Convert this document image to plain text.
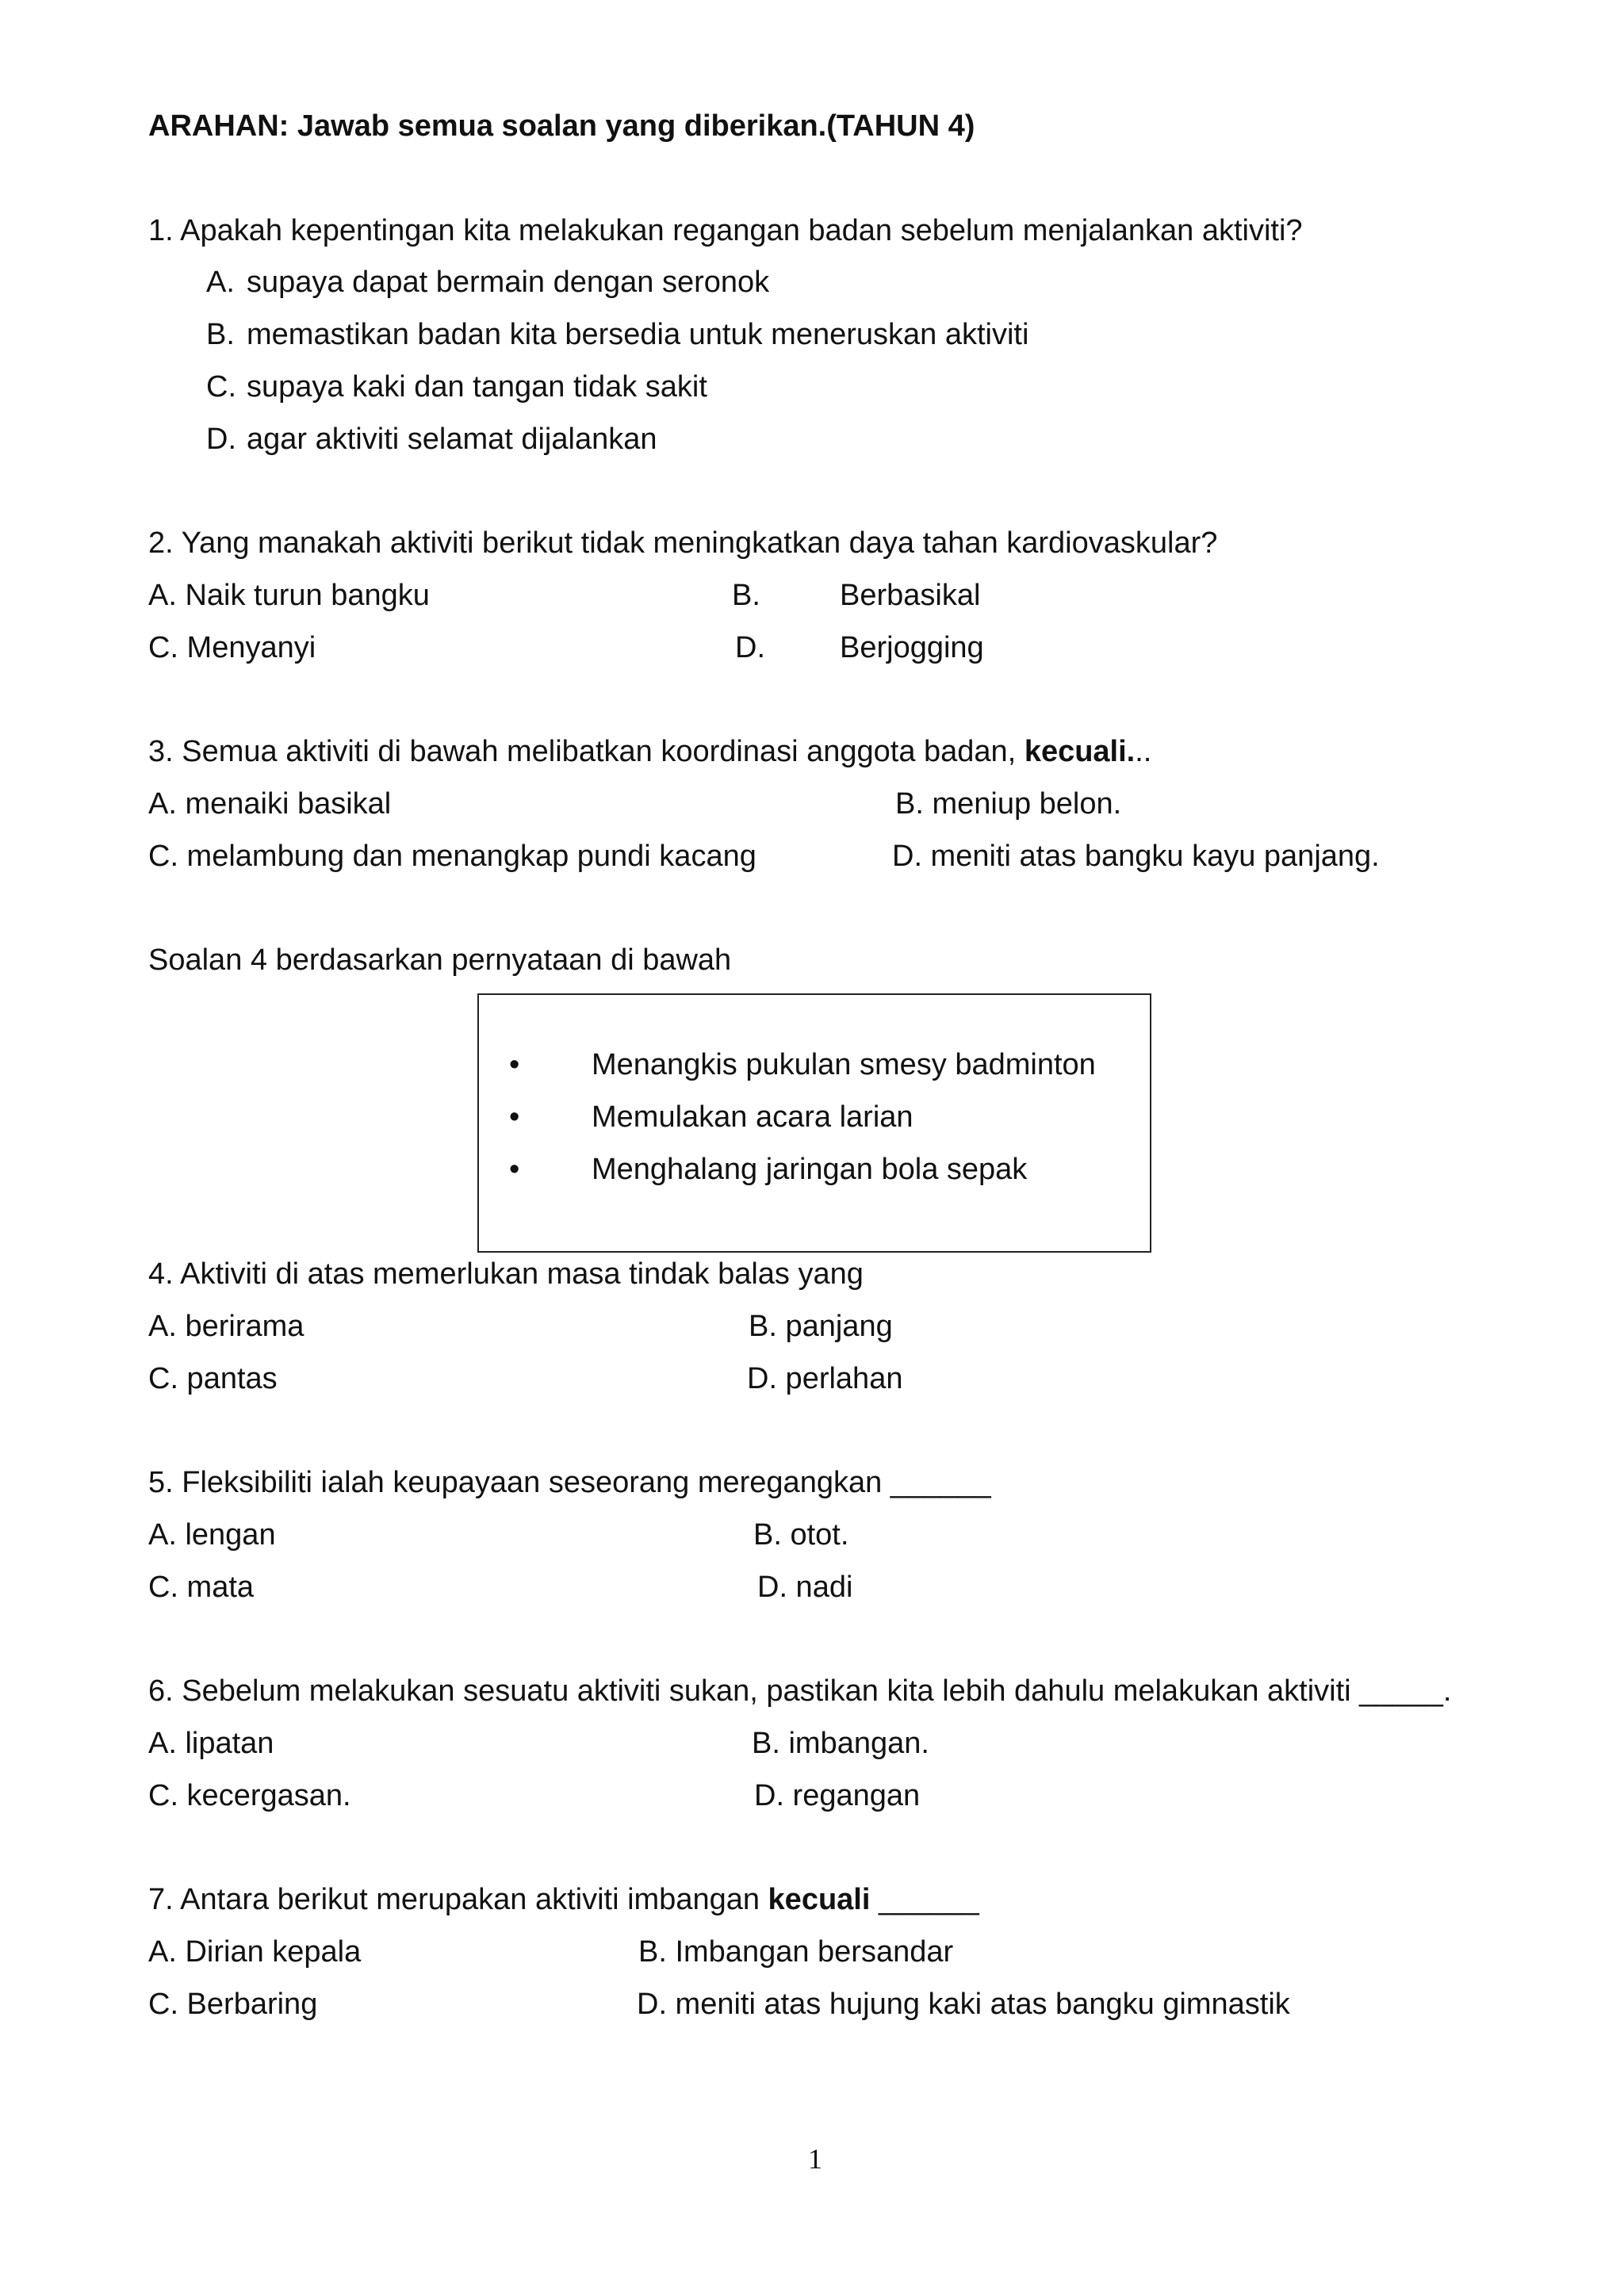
ARAHAN: Jawab semua soalan yang diberikan.(TAHUN 4)
1. Apakah kepentingan kita melakukan regangan badan sebelum menjalankan aktiviti?
A. supaya dapat bermain dengan seronok
B. memastikan badan kita bersedia untuk meneruskan aktiviti
C. supaya kaki dan tangan tidak sakit
D. agar aktiviti selamat dijalankan
2. Yang manakah aktiviti berikut tidak meningkatkan daya tahan kardiovaskular?
A. Naik turun bangku	B.	Berbasikal
C. Menyanyi	D. Berjogging
3. Semua aktiviti di bawah melibatkan koordinasi anggota badan, kecuali...
A. menaiki basikal	B. meniup belon.
C. melambung dan menangkap pundi kacang	D. meniti atas bangku kayu panjang.
Soalan 4 berdasarkan pernyataan di bawah
• Menangkis pukulan smesy badminton
• Memulakan acara larian
• Menghalang jaringan bola sepak
4. Aktiviti di atas memerlukan masa tindak balas yang
A. berirama	B. panjang
C. pantas	D. perlahan
5. Fleksibiliti ialah keupayaan seseorang meregangkan ______
A. lengan	B. otot.
C. mata	D. nadi
6. Sebelum melakukan sesuatu aktiviti sukan, pastikan kita lebih dahulu melakukan aktiviti _____.
A. lipatan	B. imbangan.
C. kecergasan.	D. regangan
7. Antara berikut merupakan aktiviti imbangan kecuali ______
A. Dirian kepala	B. Imbangan bersandar
C. Berbaring	D. meniti atas hujung kaki atas bangku gimnastik
1
